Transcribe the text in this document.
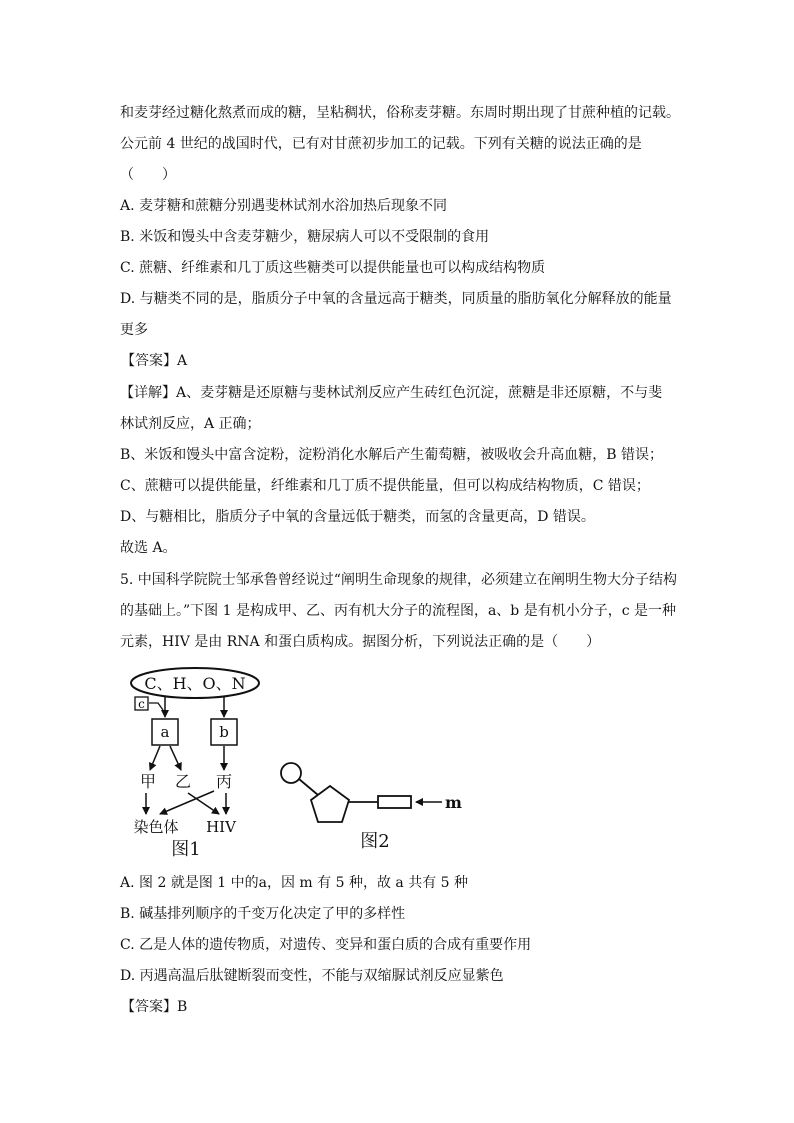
和麦芽经过糖化熬煮而成的糖，呈粘稠状，俗称麦芽糖。东周时期出现了甘蔗种植的记载。
公元前 4 世纪的战国时代，已有对甘蔗初步加工的记载。下列有关糖的说法正确的是
（　　）
A. 麦芽糖和蔗糖分别遇斐林试剂水浴加热后现象不同
B. 米饭和馒头中含麦芽糖少，糖尿病人可以不受限制的食用
C. 蔗糖、纤维素和几丁质这些糖类可以提供能量也可以构成结构物质
D. 与糖类不同的是，脂质分子中氧的含量远高于糖类，同质量的脂肪氧化分解释放的能量
更多
【答案】A
【详解】A、麦芽糖是还原糖与斐林试剂反应产生砖红色沉淀，蔗糖是非还原糖，不与斐
林试剂反应，A 正确；
B、米饭和馒头中富含淀粉，淀粉消化水解后产生葡萄糖，被吸收会升高血糖，B 错误；
C、蔗糖可以提供能量，纤维素和几丁质不提供能量，但可以构成结构物质，C 错误；
D、与糖相比，脂质分子中氧的含量远低于糖类，而氢的含量更高，D 错误。
故选 A。
5. 中国科学院院士邹承鲁曾经说过“阐明生命现象的规律，必须建立在阐明生物大分子结构
的基础上。”下图 1 是构成甲、乙、丙有机大分子的流程图，a、b 是有机小分子，c 是一种
元素，HIV 是由 RNA 和蛋白质构成。据图分析，下列说法正确的是（　　）
C、H、O、N
c
a	b
甲 乙 丙
染色体 HIV
图1
m
图2
A. 图 2 就是图 1 中的a，因 m 有 5 种，故 a 共有 5 种
B. 碱基排列顺序的千变万化决定了甲的多样性
C. 乙是人体的遗传物质，对遗传、变异和蛋白质的合成有重要作用
D. 丙遇高温后肽键断裂而变性，不能与双缩脲试剂反应显紫色
【答案】B
